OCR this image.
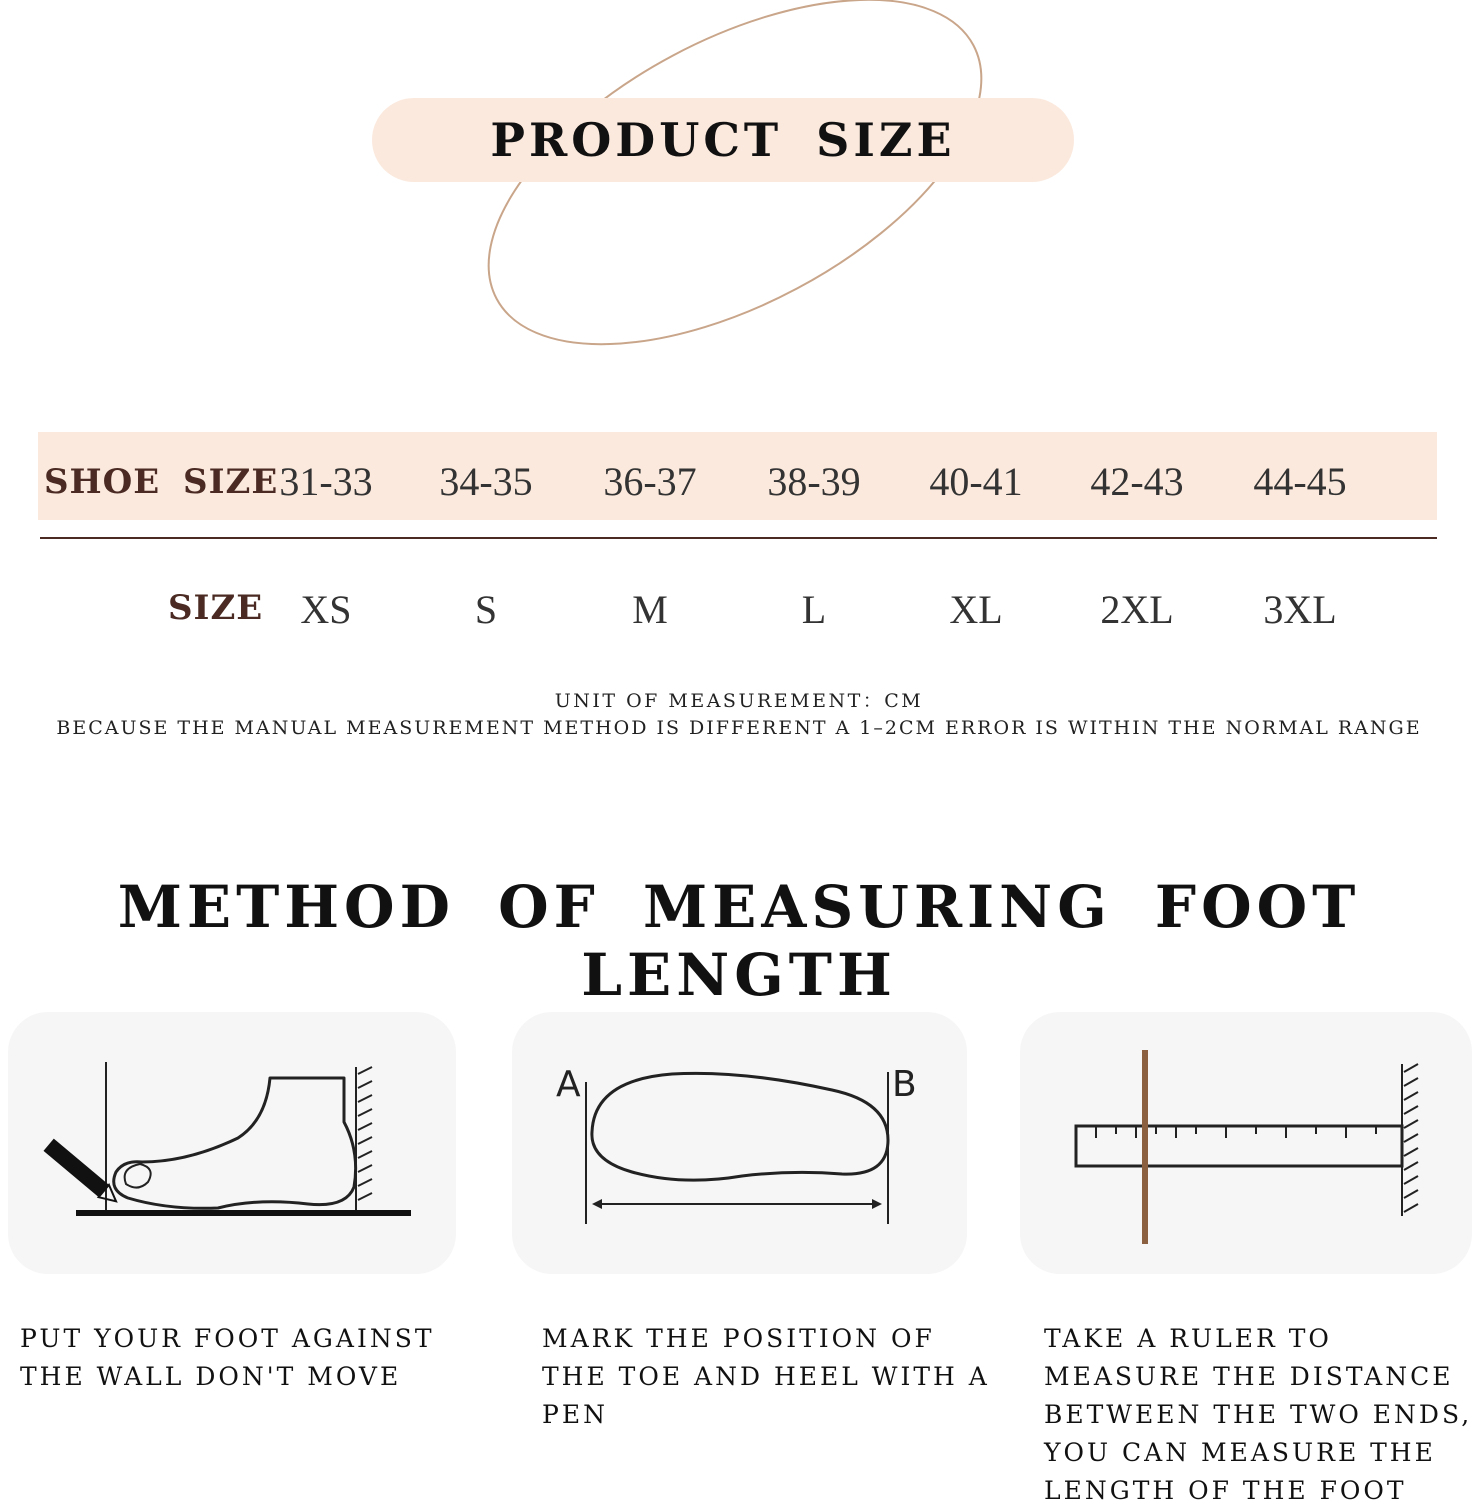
PRODUCT SIZE
SHOE SIZE 31-33	34-35	36-37	38-39	40-41	42-43	44-45
SIZE XS	S	M	L	XL	2XL	3XL
UNIT OF MEASUREMENT：CM
BECAUSE THE MANUAL MEASUREMENT METHOD IS DIFFERENT A 1–2CM ERROR IS WITHIN THE NORMAL RANGE
METHOD OF MEASURING FOOT LENGTH
A	B

PUT YOUR FOOT AGAINST
THE WALL DON'T MOVE

MARK THE POSITION OF
THE TOE AND HEEL WITH A
PEN

TAKE A RULER TO
MEASURE THE DISTANCE
BETWEEN THE TWO ENDS,
YOU CAN MEASURE THE
LENGTH OF THE FOOT
